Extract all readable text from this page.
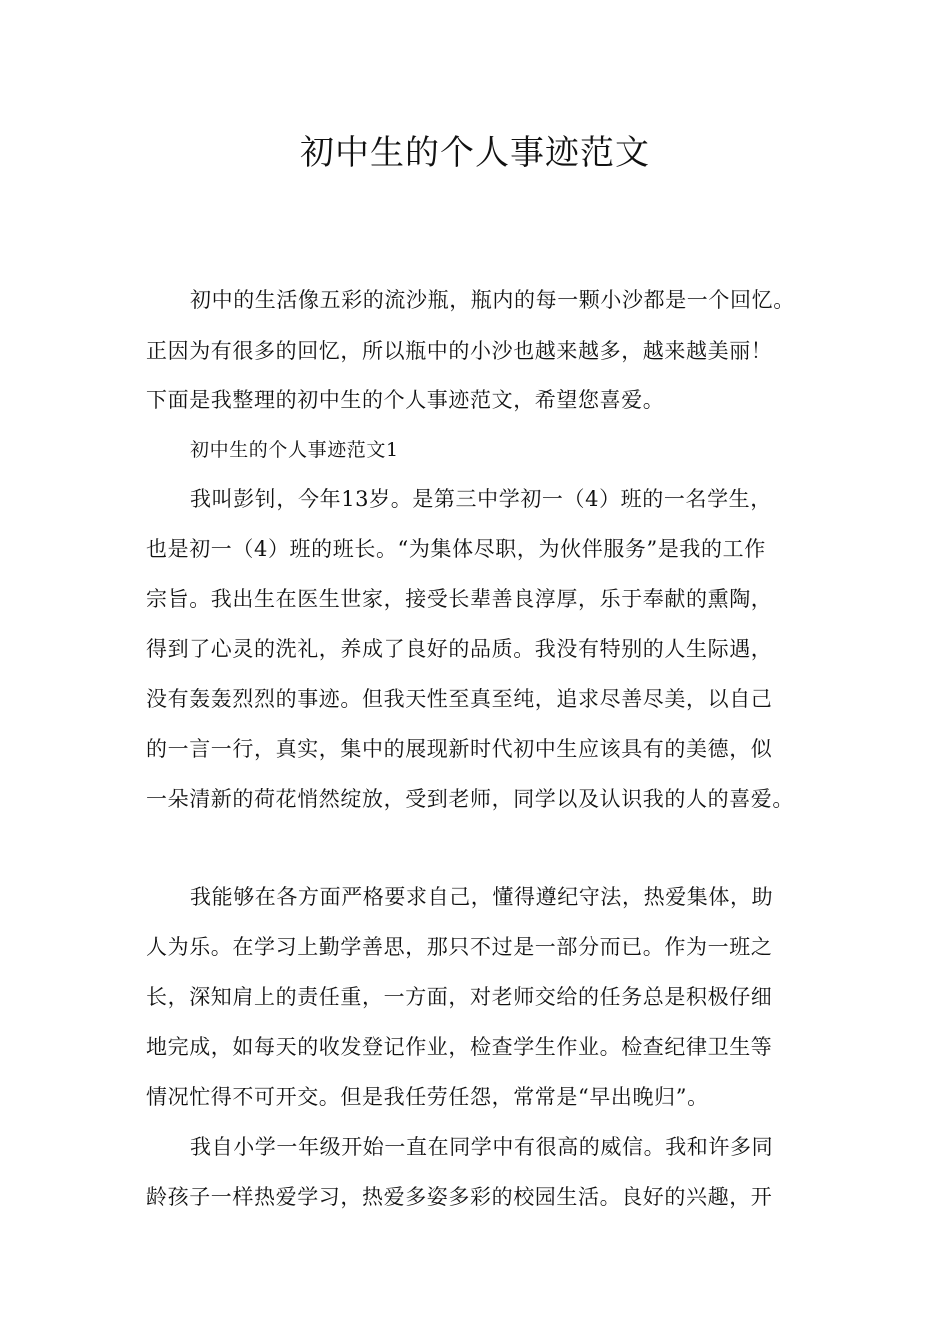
初中生的个人事迹范文
初中的生活像五彩的流沙瓶，瓶内的每一颗小沙都是一个回忆。
正因为有很多的回忆，所以瓶中的小沙也越来越多，越来越美丽！
下面是我整理的初中生的个人事迹范文，希望您喜爱。
初中生的个人事迹范文1
我叫彭钊，今年13岁。是第三中学初一（4）班的一名学生，
也是初一（4）班的班长。“为集体尽职，为伙伴服务”是我的工作
宗旨。我出生在医生世家，接受长辈善良淳厚，乐于奉献的熏陶，
得到了心灵的洗礼，养成了良好的品质。我没有特别的人生际遇，
没有轰轰烈烈的事迹。但我天性至真至纯，追求尽善尽美，以自己
的一言一行，真实，集中的展现新时代初中生应该具有的美德，似
一朵清新的荷花悄然绽放，受到老师，同学以及认识我的人的喜爱。
我能够在各方面严格要求自己，懂得遵纪守法，热爱集体，助
人为乐。在学习上勤学善思，那只不过是一部分而已。作为一班之
长，深知肩上的责任重，一方面，对老师交给的任务总是积极仔细
地完成，如每天的收发登记作业，检查学生作业。检查纪律卫生等
情况忙得不可开交。但是我任劳任怨，常常是“早出晚归”。
我自小学一年级开始一直在同学中有很高的威信。我和许多同
龄孩子一样热爱学习，热爱多姿多彩的校园生活。良好的兴趣，开
